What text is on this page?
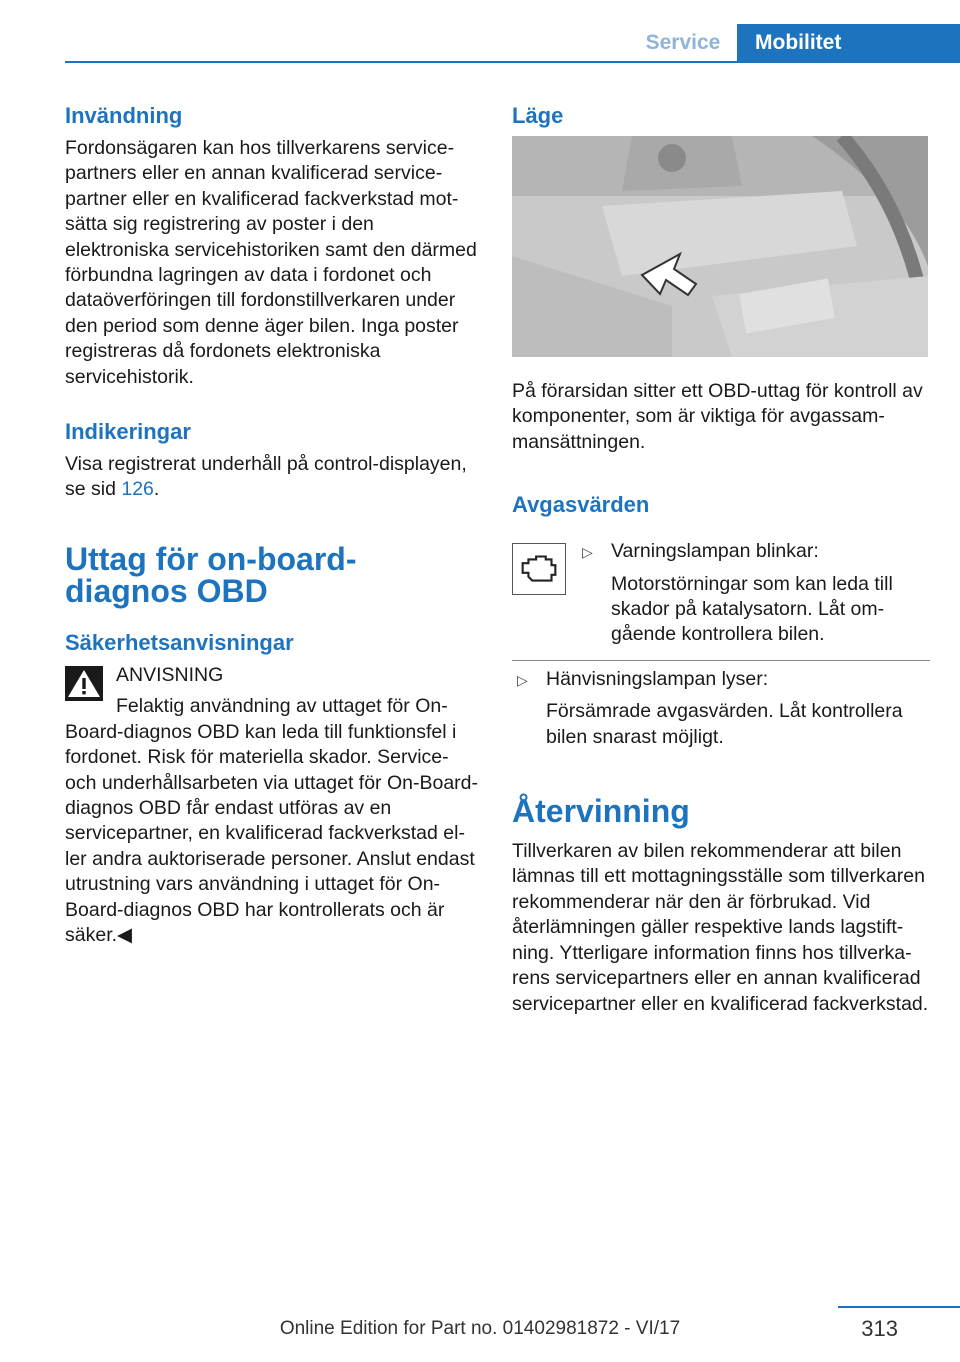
Service	Mobilitet
Invändning

Fordonsägaren kan hos tillverkarens servicepartners eller en annan kvalificerad servicepartner eller en kvalificerad fackverkstad motsätta sig registrering av poster i den elektroniska servicehistoriken samt den därmed förbundna lagringen av data i fordonet och dataöverföringen till fordonstillverkaren under den period som denne äger bilen. Inga poster registreras då fordonets elektroniska servicehistorik.

Indikeringar

Visa registrerat underhåll på control-displayen, se sid 126.

Uttag för on-board-diagnos OBD
Säkerhetsanvisningar

ANVISNING

Felaktig användning av uttaget för On-Board-diagnos OBD kan leda till funktionsfel i fordonet. Risk för materiella skador. Service- och underhållsarbeten via uttaget för On-Board-diagnos OBD får endast utföras av en servicepartner, en kvalificerad fackverkstad eller andra auktoriserade personer. Anslut endast utrustning vars användning i uttaget för On-Board-diagnos OBD har kontrollerats och är säker.◀

Läge

På förarsidan sitter ett OBD-uttag för kontroll av komponenter, som är viktiga för avgassammansättningen.

Avgasvärden
▷ Varningslampan blinkar:

Motorstörningar som kan leda till skador på katalysatorn. Låt omgående kontrollera bilen.

▷ Hänvisningslampan lyser:

Försämrade avgasvärden. Låt kontrollera bilen snarast möjligt.

Återvinning

Tillverkaren av bilen rekommenderar att bilen lämnas till ett mottagningsställe som tillverkaren rekommenderar när den är förbrukad. Vid återlämningen gäller respektive lands lagstiftning. Ytterligare information finns hos tillverkarens servicepartners eller en annan kvalificerad servicepartner eller en kvalificerad fackverkstad.

313
Online Edition for Part no. 01402981872 - VI/17
